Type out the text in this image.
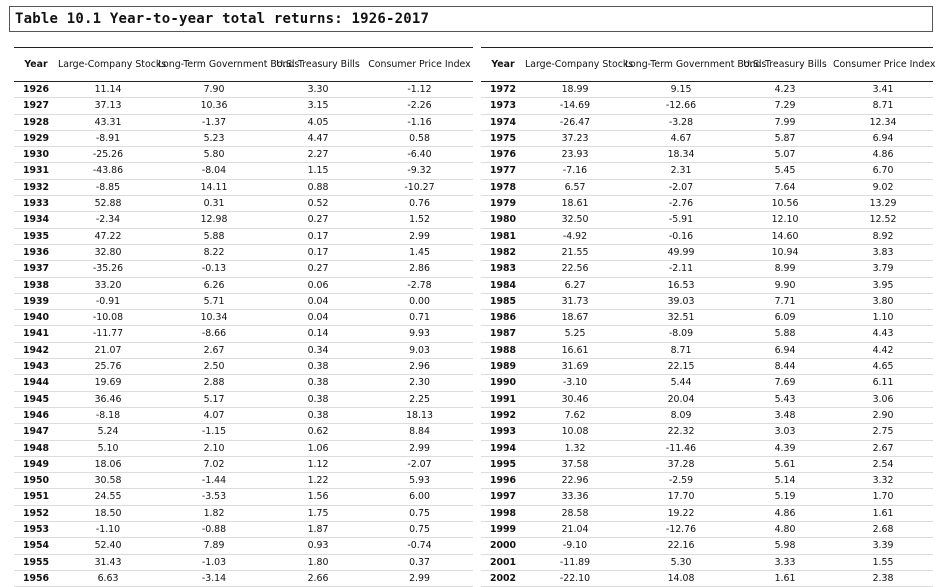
Table 10.1 Year-to-year total returns: 1926-2017
Year	Large-Company Stocks	Long-Term Government Bonds	U.S. Treasury Bills	Consumer Price Index
1926	11.14	7.90	3.30	-1.12
1927	37.13	10.36	3.15	-2.26
1928	43.31	-1.37	4.05	-1.16
1929	-8.91	5.23	4.47	0.58
1930	-25.26	5.80	2.27	-6.40
1931	-43.86	-8.04	1.15	-9.32
1932	-8.85	14.11	0.88	-10.27
1933	52.88	0.31	0.52	0.76
1934	-2.34	12.98	0.27	1.52
1935	47.22	5.88	0.17	2.99
1936	32.80	8.22	0.17	1.45
1937	-35.26	-0.13	0.27	2.86
1938	33.20	6.26	0.06	-2.78
1939	-0.91	5.71	0.04	0.00
1940	-10.08	10.34	0.04	0.71
1941	-11.77	-8.66	0.14	9.93
1942	21.07	2.67	0.34	9.03
1943	25.76	2.50	0.38	2.96
1944	19.69	2.88	0.38	2.30
1945	36.46	5.17	0.38	2.25
1946	-8.18	4.07	0.38	18.13
1947	5.24	-1.15	0.62	8.84
1948	5.10	2.10	1.06	2.99
1949	18.06	7.02	1.12	-2.07
1950	30.58	-1.44	1.22	5.93
1951	24.55	-3.53	1.56	6.00
1952	18.50	1.82	1.75	0.75
1953	-1.10	-0.88	1.87	0.75
1954	52.40	7.89	0.93	-0.74
1955	31.43	-1.03	1.80	0.37
1956	6.63	-3.14	2.66	2.99
Year	Large-Company Stocks	Long-Term Government Bonds	U.S. Treasury Bills	Consumer Price Index
1972	18.99	9.15	4.23	3.41
1973	-14.69	-12.66	7.29	8.71
1974	-26.47	-3.28	7.99	12.34
1975	37.23	4.67	5.87	6.94
1976	23.93	18.34	5.07	4.86
1977	-7.16	2.31	5.45	6.70
1978	6.57	-2.07	7.64	9.02
1979	18.61	-2.76	10.56	13.29
1980	32.50	-5.91	12.10	12.52
1981	-4.92	-0.16	14.60	8.92
1982	21.55	49.99	10.94	3.83
1983	22.56	-2.11	8.99	3.79
1984	6.27	16.53	9.90	3.95
1985	31.73	39.03	7.71	3.80
1986	18.67	32.51	6.09	1.10
1987	5.25	-8.09	5.88	4.43
1988	16.61	8.71	6.94	4.42
1989	31.69	22.15	8.44	4.65
1990	-3.10	5.44	7.69	6.11
1991	30.46	20.04	5.43	3.06
1992	7.62	8.09	3.48	2.90
1993	10.08	22.32	3.03	2.75
1994	1.32	-11.46	4.39	2.67
1995	37.58	37.28	5.61	2.54
1996	22.96	-2.59	5.14	3.32
1997	33.36	17.70	5.19	1.70
1998	28.58	19.22	4.86	1.61
1999	21.04	-12.76	4.80	2.68
2000	-9.10	22.16	5.98	3.39
2001	-11.89	5.30	3.33	1.55
2002	-22.10	14.08	1.61	2.38
